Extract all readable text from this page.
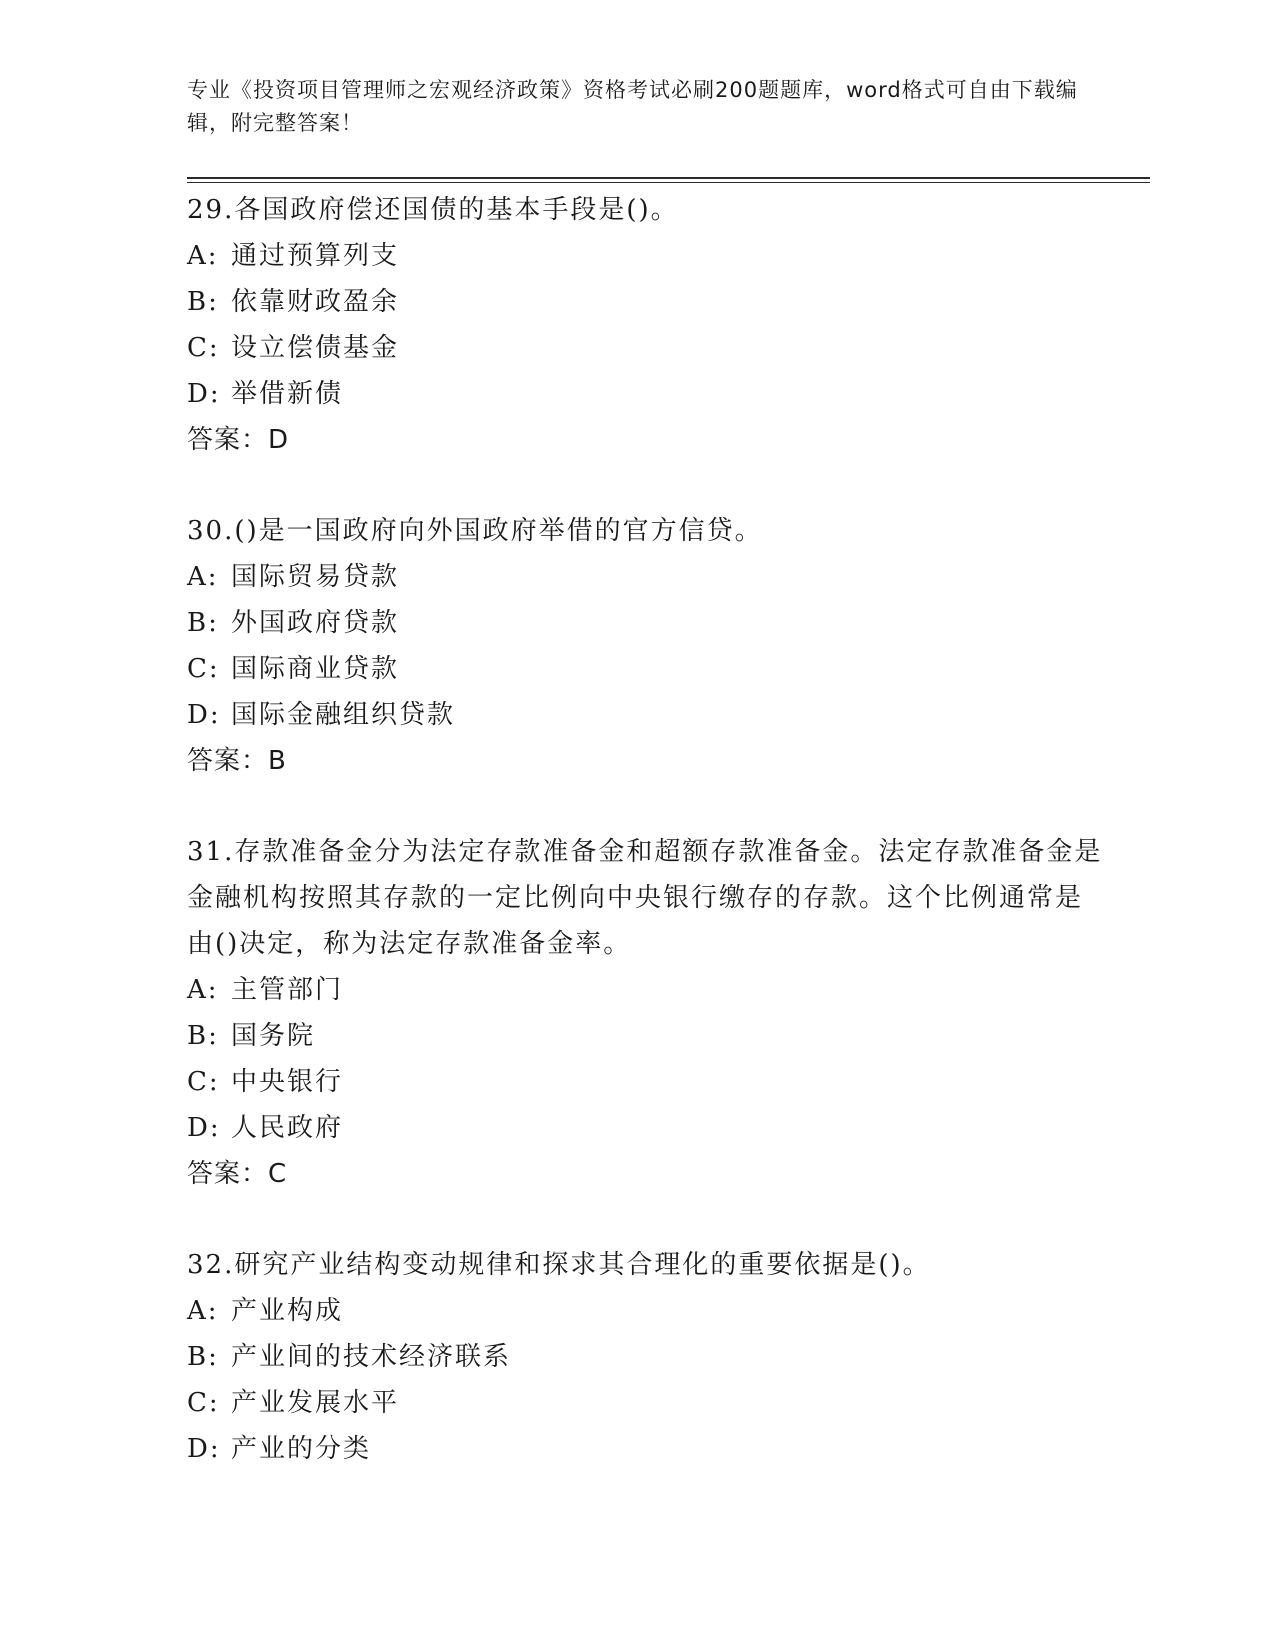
专业《投资项目管理师之宏观经济政策》资格考试必刷200题题库，word格式可自由下载编辑，附完整答案！
29.各国政府偿还国债的基本手段是()。
A: 通过预算列支
B: 依靠财政盈余
C: 设立偿债基金
D: 举借新债
答案：D
30.()是一国政府向外国政府举借的官方信贷。
A: 国际贸易贷款
B: 外国政府贷款
C: 国际商业贷款
D: 国际金融组织贷款
答案：B
31.存款准备金分为法定存款准备金和超额存款准备金。法定存款准备金是金融机构按照其存款的一定比例向中央银行缴存的存款。这个比例通常是由()决定，称为法定存款准备金率。
A: 主管部门
B: 国务院
C: 中央银行
D: 人民政府
答案：C
32.研究产业结构变动规律和探求其合理化的重要依据是()。
A: 产业构成
B: 产业间的技术经济联系
C: 产业发展水平
D: 产业的分类
